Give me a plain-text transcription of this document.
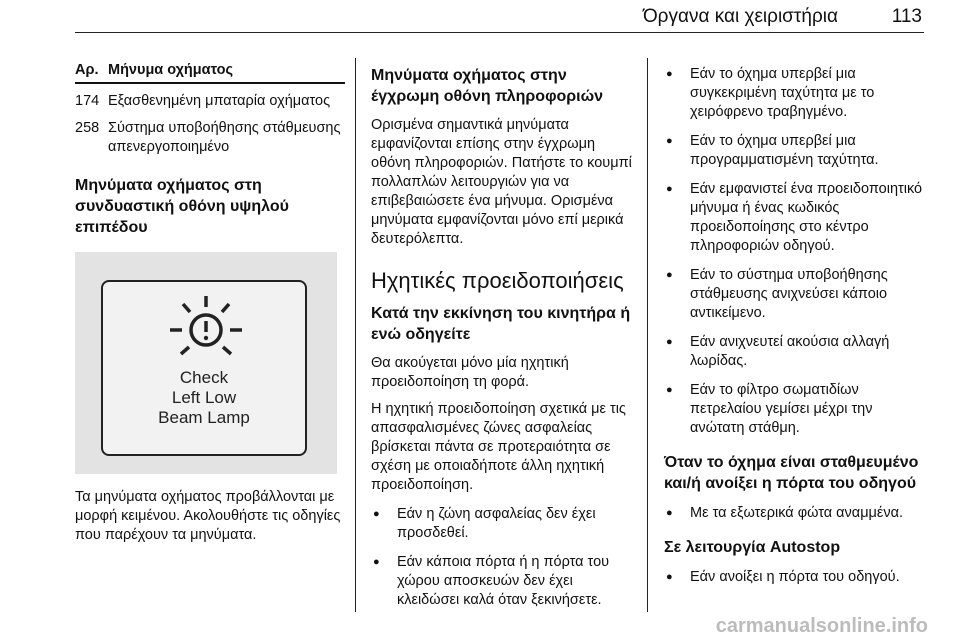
Όργανα και χειριστήρια	113
Αρ. Μήνυμα οχήματος
174 Εξασθενημένη μπαταρία οχήματος
258 Σύστημα υποβοήθησης στάθμευσης απενεργοποιημένο
Μηνύματα οχήματος στη συνδυαστική οθόνη υψηλού επιπέδου
Check
Left Low
Beam Lamp

Τα μηνύματα οχήματος προβάλλονται με μορφή κειμένου. Ακολουθήστε τις οδηγίες που παρέχουν τα μηνύματα.

Μηνύματα οχήματος στην έγχρωμη οθόνη πληροφοριών

Ορισμένα σημαντικά μηνύματα εμφανίζονται επίσης στην έγχρωμη οθόνη πληροφοριών. Πατήστε το κουμπί πολλαπλών λειτουργιών για να επιβεβαιώσετε ένα μήνυμα. Ορισμένα μηνύματα εμφανίζονται μόνο επί μερικά δευτερόλεπτα.

Ηχητικές προειδοποιήσεις
Κατά την εκκίνηση του κινητήρα ή ενώ οδηγείτε

Θα ακούγεται μόνο μία ηχητική προειδοποίηση τη φορά.

Η ηχητική προειδοποίηση σχετικά με τις απασφαλισμένες ζώνες ασφαλείας βρίσκεται πάντα σε προτεραιότητα σε σχέση με οποιαδήποτε άλλη ηχητική προειδοποίηση.

● Εάν η ζώνη ασφαλείας δεν έχει προσδεθεί.
● Εάν κάποια πόρτα ή η πόρτα του χώρου αποσκευών δεν έχει κλειδώσει καλά όταν ξεκινήσετε.
● Εάν το όχημα υπερβεί μια συγκεκριμένη ταχύτητα με το χειρόφρενο τραβηγμένο.
● Εάν το όχημα υπερβεί μια προγραμματισμένη ταχύτητα.
● Εάν εμφανιστεί ένα προειδοποιητικό μήνυμα ή ένας κωδικός προειδοποίησης στο κέντρο πληροφοριών οδηγού.
● Εάν το σύστημα υποβοήθησης στάθμευσης ανιχνεύσει κάποιο αντικείμενο.
● Εάν ανιχνευτεί ακούσια αλλαγή λωρίδας.
● Εάν το φίλτρο σωματιδίων πετρελαίου γεμίσει μέχρι την ανώτατη στάθμη.
Όταν το όχημα είναι σταθμευμένο και/ή ανοίξει η πόρτα του οδηγού
● Με τα εξωτερικά φώτα αναμμένα.
Σε λειτουργία Autostop
● Εάν ανοίξει η πόρτα του οδηγού.
carmanualsonline.info
